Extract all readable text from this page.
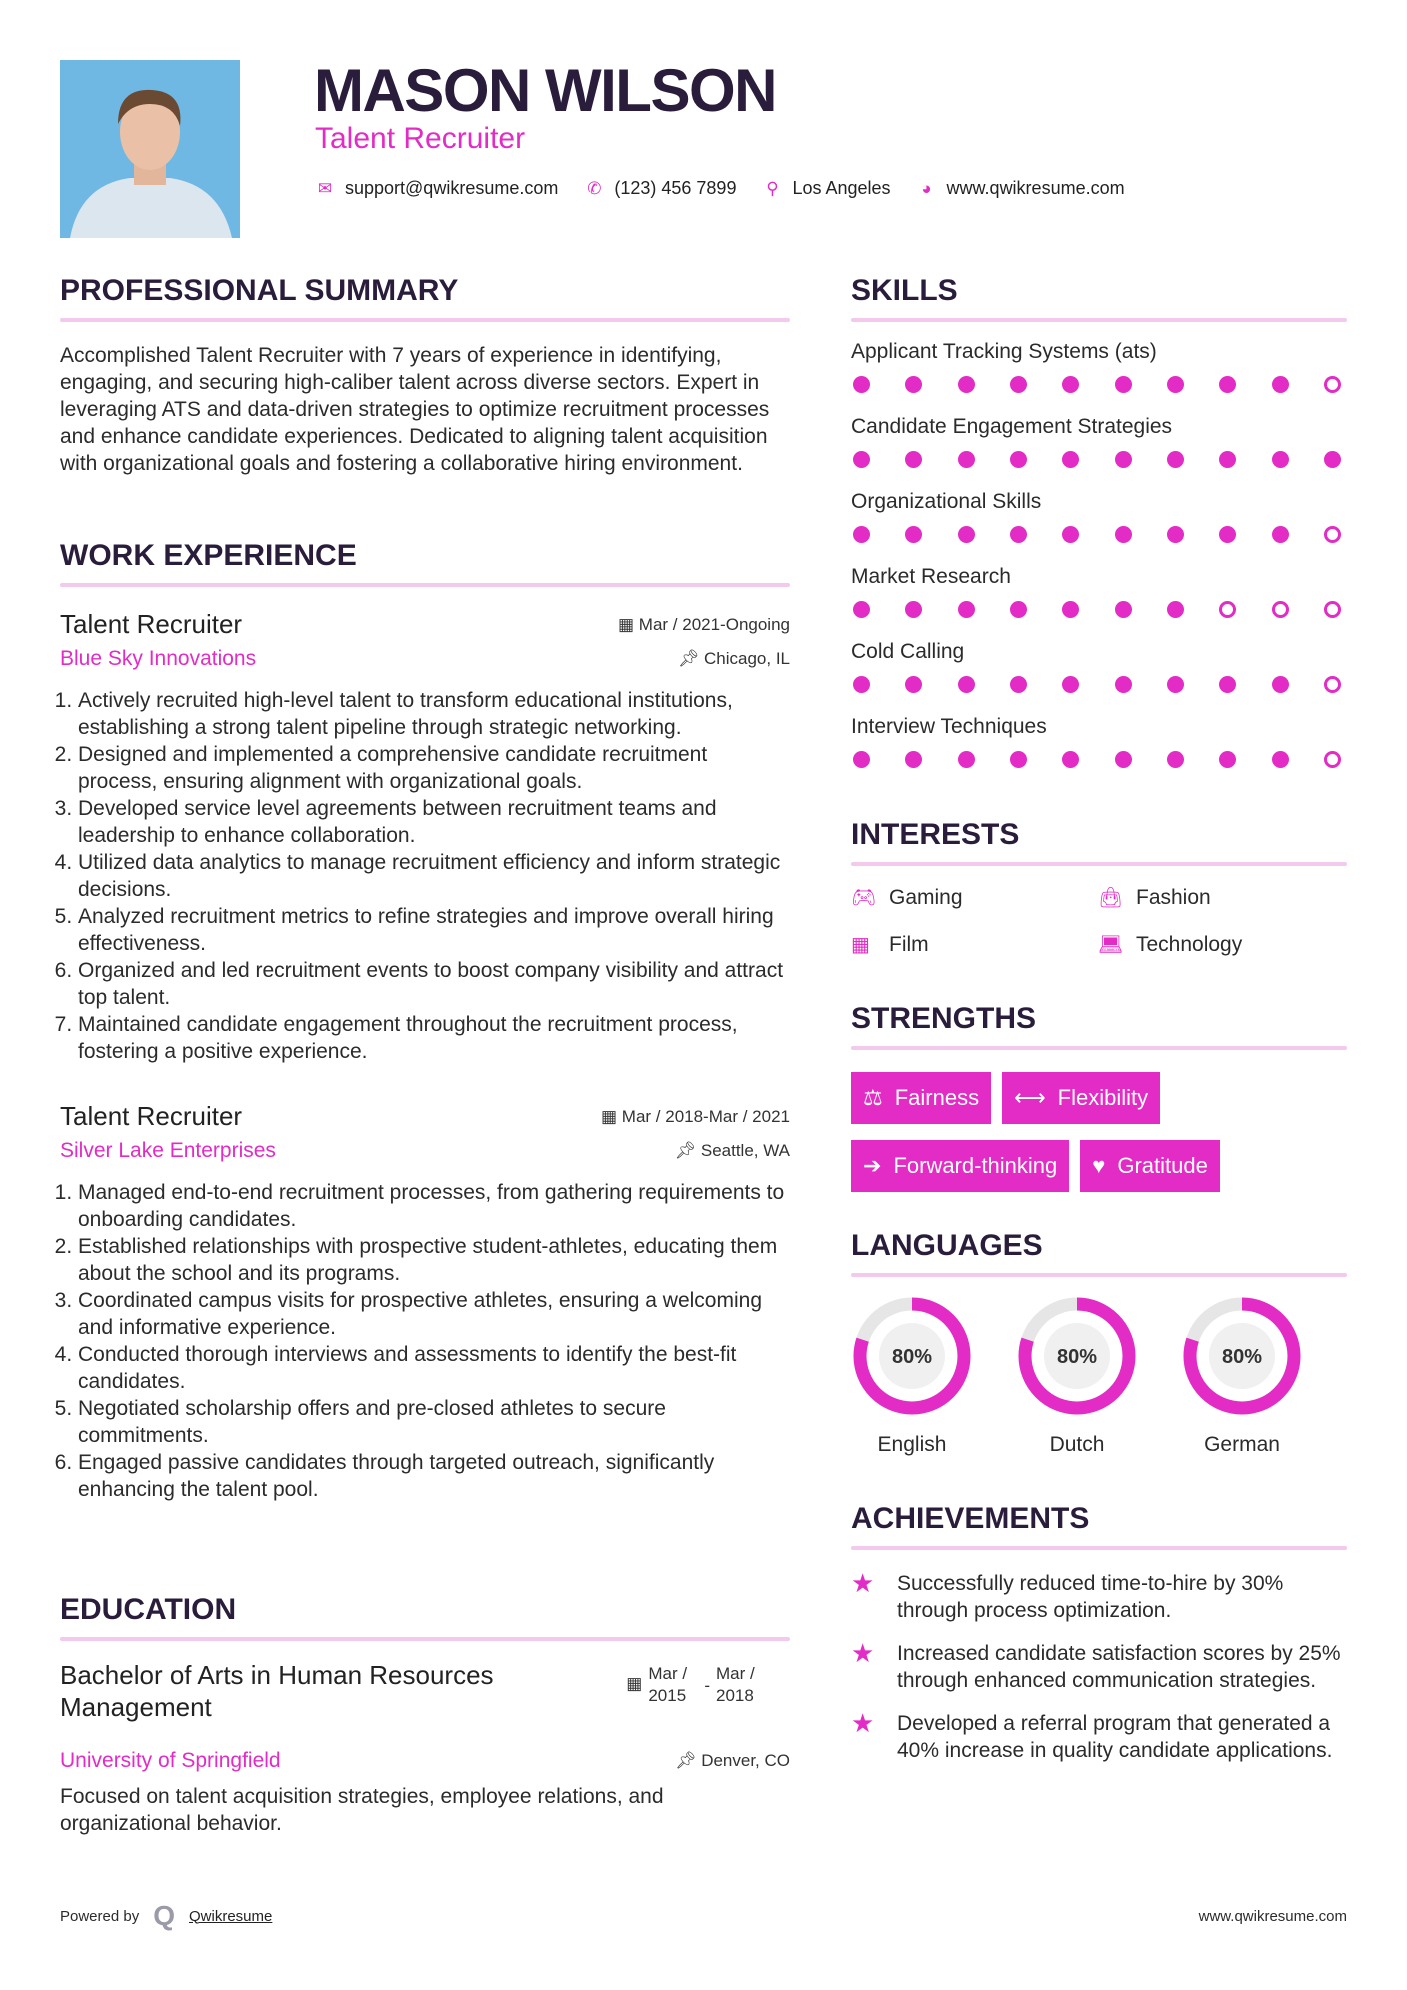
MASON WILSON
Talent Recruiter
✉ support@qwikresume.com ✆ (123) 456 7899 ⚲ Los Angeles ◕ www.qwikresume.com
PROFESSIONAL SUMMARY
Accomplished Talent Recruiter with 7 years of experience in identifying, engaging, and securing high-caliber talent across diverse sectors. Expert in leveraging ATS and data-driven strategies to optimize recruitment processes and enhance candidate experiences. Dedicated to aligning talent acquisition with organizational goals and fostering a collaborative hiring environment.
WORK EXPERIENCE
Talent Recruiter	▦ Mar / 2021-Ongoing
Blue Sky Innovations	📌︎ Chicago, IL
1. Actively recruited high-level talent to transform educational institutions, establishing a strong talent pipeline through strategic networking.
2. Designed and implemented a comprehensive candidate recruitment process, ensuring alignment with organizational goals.
3. Developed service level agreements between recruitment teams and leadership to enhance collaboration.
4. Utilized data analytics to manage recruitment efficiency and inform strategic decisions.
5. Analyzed recruitment metrics to refine strategies and improve overall hiring effectiveness.
6. Organized and led recruitment events to boost company visibility and attract top talent.
7. Maintained candidate engagement throughout the recruitment process, fostering a positive experience.
Talent Recruiter	▦ Mar / 2018-Mar / 2021
Silver Lake Enterprises	📌︎ Seattle, WA
1. Managed end-to-end recruitment processes, from gathering requirements to onboarding candidates.
2. Established relationships with prospective student-athletes, educating them about the school and its programs.
3. Coordinated campus visits for prospective athletes, ensuring a welcoming and informative experience.
4. Conducted thorough interviews and assessments to identify the best-fit candidates.
5. Negotiated scholarship offers and pre-closed athletes to secure commitments.
6. Engaged passive candidates through targeted outreach, significantly enhancing the talent pool.
EDUCATION
Bachelor of Arts in Human Resources Management
▦
Mar / 2015
-
Mar / 2018
University of Springfield	📌︎ Denver, CO
Focused on talent acquisition strategies, employee relations, and organizational behavior.
SKILLS
Applicant Tracking Systems (ats)
Candidate Engagement Strategies
Organizational Skills
Market Research
Cold Calling
Interview Techniques
INTERESTS
🎮︎ Gaming	👜︎ Fashion
▦ Film	💻︎ Technology
STRENGTHS
⚖ Fairness ⟷ Flexibility
➔ Forward-thinking ♥ Gratitude
LANGUAGES
80%
English
80%
Dutch
80%
German
ACHIEVEMENTS
★	Successfully reduced time-to-hire by 30% through process optimization.
★	Increased candidate satisfaction scores by 25% through enhanced communication strategies.
★	Developed a referral program that generated a 40% increase in quality candidate applications.
Powered by Q Qwikresume	www.qwikresume.com
